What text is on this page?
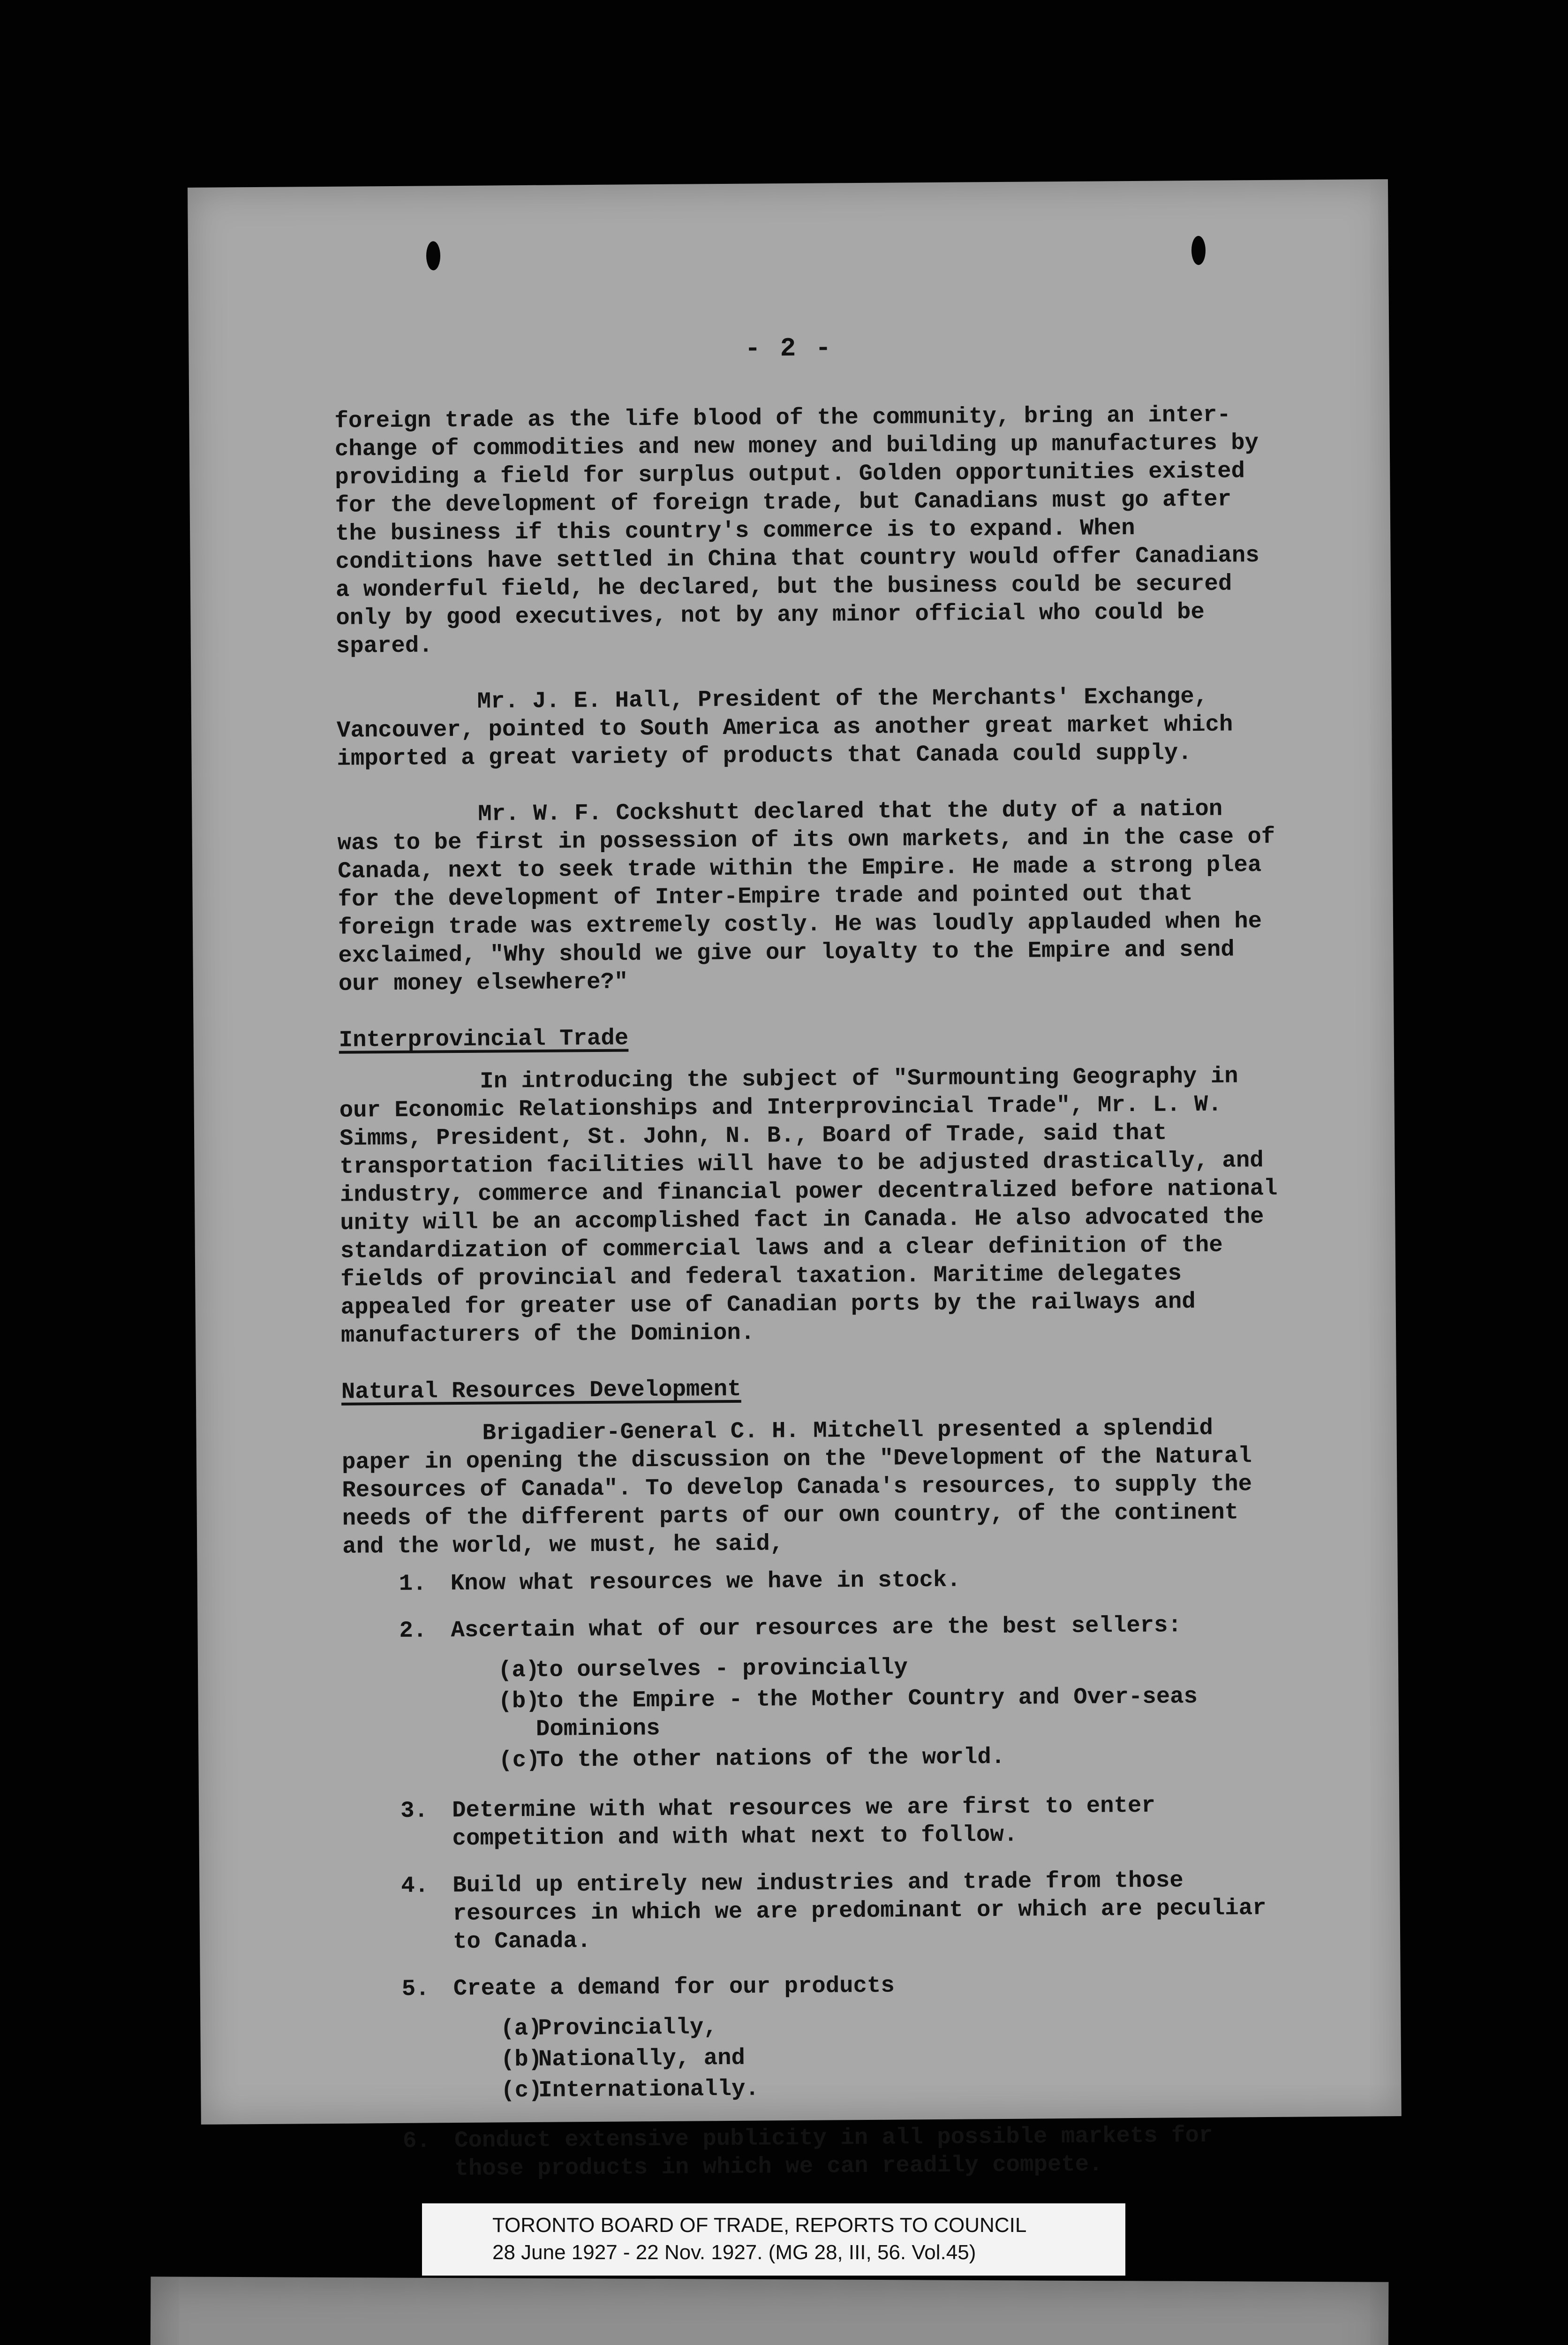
- 2 -

foreign trade as the life blood of the community, bring an inter-change of commodities and new money and building up manufactures by providing a field for surplus output. Golden opportunities existed for the development of foreign trade, but Canadians must go after the business if this country's commerce is to expand. When conditions have settled in China that country would offer Canadians a wonderful field, he declared, but the business could be secured only by good executives, not by any minor official who could be spared.

Mr. J. E. Hall, President of the Merchants' Exchange, Vancouver, pointed to South America as another great market which imported a great variety of products that Canada could supply.

Mr. W. F. Cockshutt declared that the duty of a nation was to be first in possession of its own markets, and in the case of Canada, next to seek trade within the Empire. He made a strong plea for the development of Inter-Empire trade and pointed out that foreign trade was extremely costly. He was loudly applauded when he exclaimed, "Why should we give our loyalty to the Empire and send our money elsewhere?"

Interprovincial Trade

In introducing the subject of "Surmounting Geography in our Economic Relationships and Interprovincial Trade", Mr. L. W. Simms, President, St. John, N. B., Board of Trade, said that transportation facilities will have to be adjusted drastically, and industry, commerce and financial power decentralized before national unity will be an accomplished fact in Canada. He also advocated the standardization of commercial laws and a clear definition of the fields of provincial and federal taxation. Maritime delegates appealed for greater use of Canadian ports by the railways and manufacturers of the Dominion.

Natural Resources Development

Brigadier-General C. H. Mitchell presented a splendid paper in opening the discussion on the "Development of the Natural Resources of Canada". To develop Canada's resources, to supply the needs of the different parts of our own country, of the continent and the world, we must, he said,

1.	Know what resources we have in stock.
2.	Ascertain what of our resources are the best sellers:
(a)
to ourselves - provincially
(b)
to the Empire - the Mother Country and Over-seas Dominions
(c)
To the other nations of the world.
3.	Determine with what resources we are first to enter competition and with what next to follow.
4.	Build up entirely new industries and trade from those resources in which we are predominant or which are peculiar to Canada.
5.	Create a demand for our products
(a)
Provincially,
(b)
Nationally, and
(c)
Internationally.
6.	Conduct extensive publicity in all possible markets for those products in which we can readily compete.
TORONTO BOARD OF TRADE, REPORTS TO COUNCIL
28 June 1927 - 22 Nov. 1927. (MG 28, III, 56. Vol.45)
